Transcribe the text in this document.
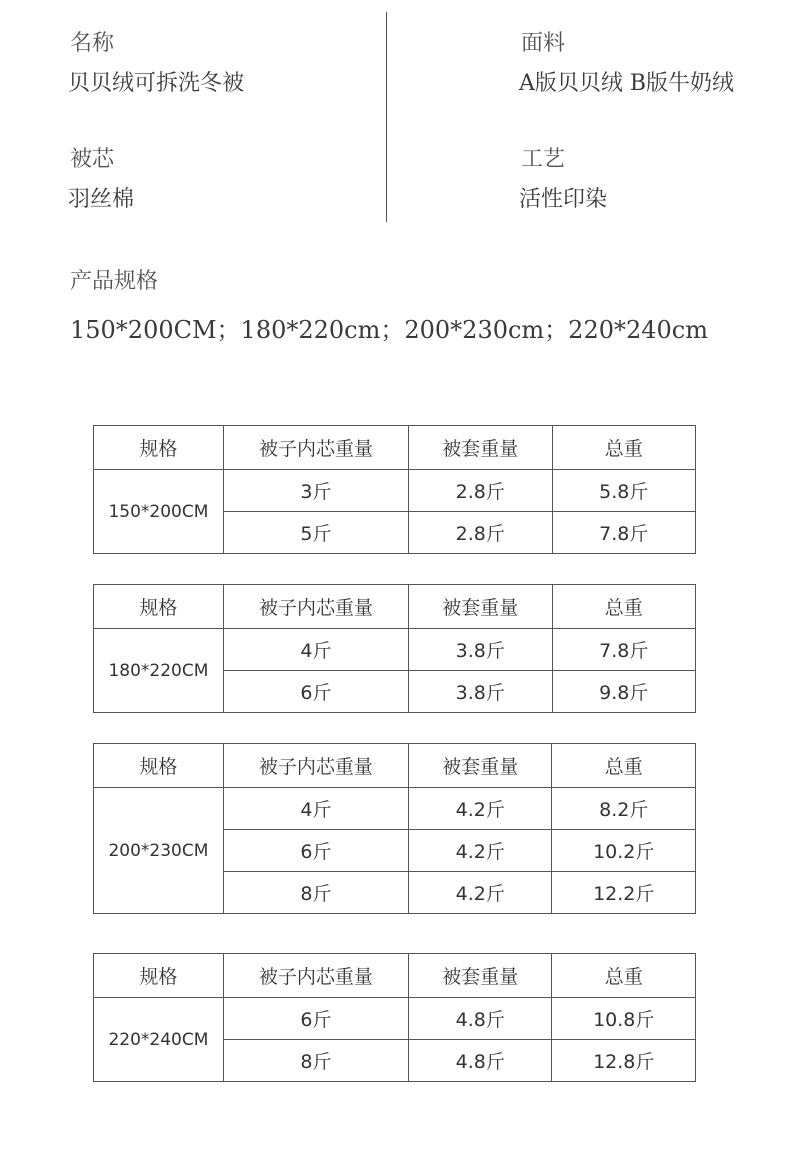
名称
贝贝绒可拆洗冬被
面料
A版贝贝绒 B版牛奶绒
被芯
羽丝棉
工艺
活性印染
产品规格
150*200CM；180*220cm；200*230cm；220*240cm
规格	被子内芯重量	被套重量	总重
150*200CM	3斤	2.8斤	5.8斤
	5斤	2.8斤	7.8斤
规格	被子内芯重量	被套重量	总重
180*220CM	4斤	3.8斤	7.8斤
	6斤	3.8斤	9.8斤
规格	被子内芯重量	被套重量	总重
200*230CM	4斤	4.2斤	8.2斤
	6斤	4.2斤	10.2斤
	8斤	4.2斤	12.2斤
规格	被子内芯重量	被套重量	总重
220*240CM	6斤	4.8斤	10.8斤
	8斤	4.8斤	12.8斤
